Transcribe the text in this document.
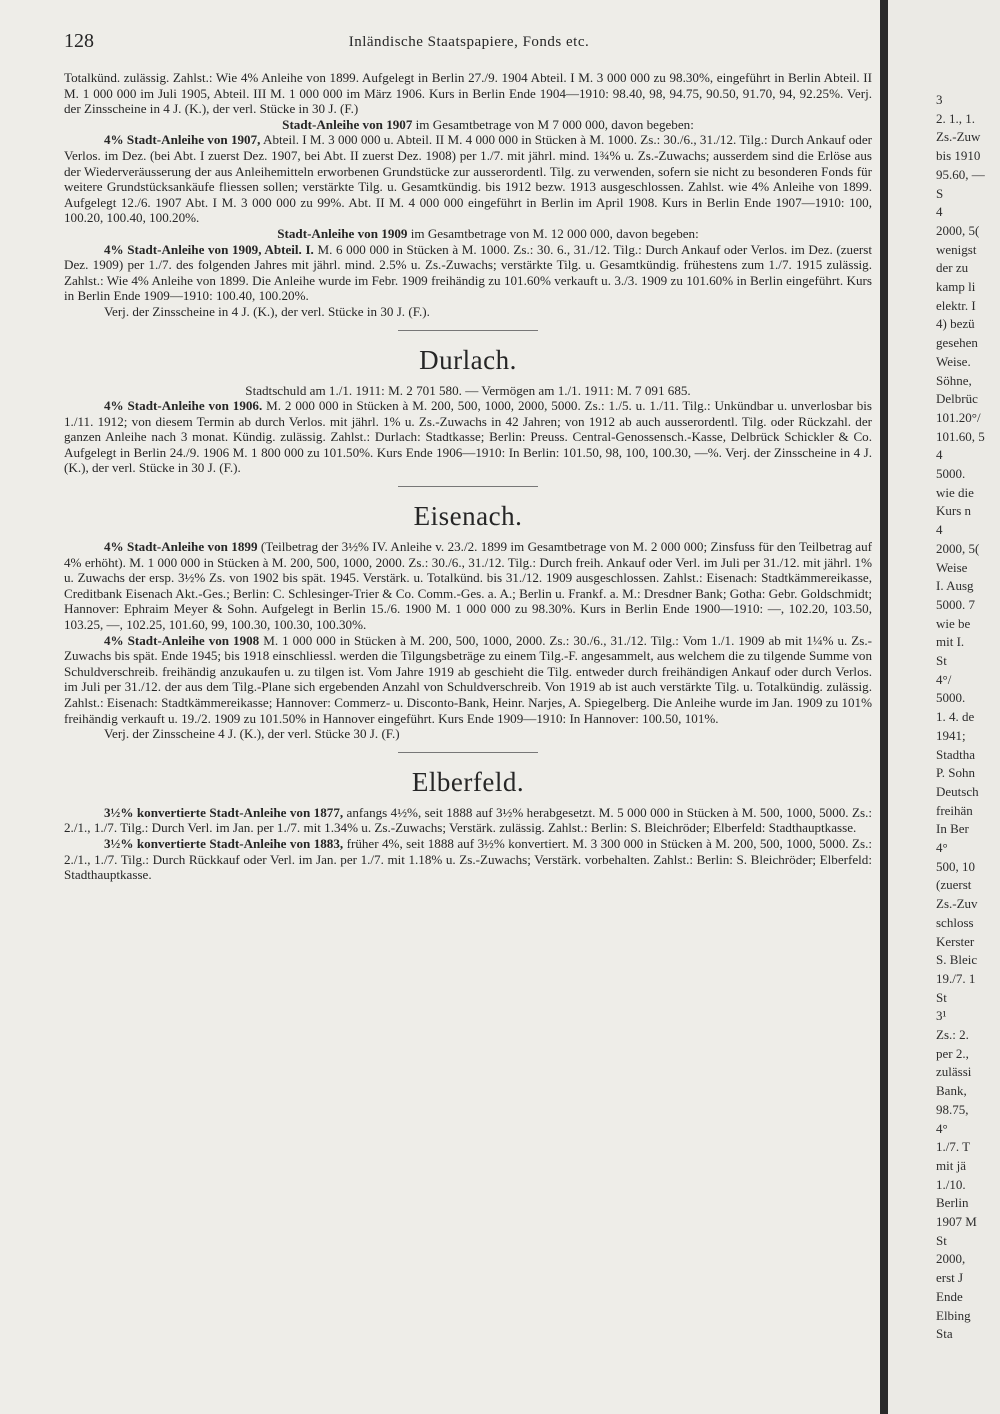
128	Inländische Staatspapiere, Fonds etc.

Totalkünd. zulässig. Zahlst.: Wie 4% Anleihe von 1899. Aufgelegt in Berlin 27./9. 1904 Abteil. I M. 3 000 000 zu 98.30%, eingeführt in Berlin Abteil. II M. 1 000 000 im Juli 1905, Abteil. III M. 1 000 000 im März 1906. Kurs in Berlin Ende 1904—1910: 98.40, 98, 94.75, 90.50, 91.70, 94, 92.25%. Verj. der Zinsscheine in 4 J. (K.), der verl. Stücke in 30 J. (F.)

Stadt-Anleihe von 1907 im Gesamtbetrage von M 7 000 000, davon begeben:

4% Stadt-Anleihe von 1907, Abteil. I M. 3 000 000 u. Abteil. II M. 4 000 000 in Stücken à M. 1000. Zs.: 30./6., 31./12. Tilg.: Durch Ankauf oder Verlos. im Dez. (bei Abt. I zuerst Dez. 1907, bei Abt. II zuerst Dez. 1908) per 1./7. mit jährl. mind. 1¾% u. Zs.-Zuwachs; ausserdem sind die Erlöse aus der Wiederveräusserung der aus Anleihemitteln erworbenen Grundstücke zur ausserordentl. Tilg. zu verwenden, sofern sie nicht zu besonderen Fonds für weitere Grundstücksankäufe fliessen sollen; verstärkte Tilg. u. Gesamtkündig. bis 1912 bezw. 1913 ausgeschlossen. Zahlst. wie 4% Anleihe von 1899. Aufgelegt 12./6. 1907 Abt. I M. 3 000 000 zu 99%. Abt. II M. 4 000 000 eingeführt in Berlin im April 1908. Kurs in Berlin Ende 1907—1910: 100, 100.20, 100.40, 100.20%.

Stadt-Anleihe von 1909 im Gesamtbetrage von M. 12 000 000, davon begeben:

4% Stadt-Anleihe von 1909, Abteil. I. M. 6 000 000 in Stücken à M. 1000. Zs.: 30. 6., 31./12. Tilg.: Durch Ankauf oder Verlos. im Dez. (zuerst Dez. 1909) per 1./7. des folgenden Jahres mit jährl. mind. 2.5% u. Zs.-Zuwachs; verstärkte Tilg. u. Gesamtkündig. frühestens zum 1./7. 1915 zulässig. Zahlst.: Wie 4% Anleihe von 1899. Die Anleihe wurde im Febr. 1909 freihändig zu 101.60% verkauft u. 3./3. 1909 zu 101.60% in Berlin eingeführt. Kurs in Berlin Ende 1909—1910: 100.40, 100.20%.

Verj. der Zinsscheine in 4 J. (K.), der verl. Stücke in 30 J. (F.).

Durlach.

Stadtschuld am 1./1. 1911: M. 2 701 580. — Vermögen am 1./1. 1911: M. 7 091 685.

4% Stadt-Anleihe von 1906. M. 2 000 000 in Stücken à M. 200, 500, 1000, 2000, 5000. Zs.: 1./5. u. 1./11. Tilg.: Unkündbar u. unverlosbar bis 1./11. 1912; von diesem Termin ab durch Verlos. mit jährl. 1% u. Zs.-Zuwachs in 42 Jahren; von 1912 ab auch ausserordentl. Tilg. oder Rückzahl. der ganzen Anleihe nach 3 monat. Kündig. zulässig. Zahlst.: Durlach: Stadtkasse; Berlin: Preuss. Central-Genossensch.-Kasse, Delbrück Schickler & Co. Aufgelegt in Berlin 24./9. 1906 M. 1 800 000 zu 101.50%. Kurs Ende 1906—1910: In Berlin: 101.50, 98, 100, 100.30, —%. Verj. der Zinsscheine in 4 J. (K.), der verl. Stücke in 30 J. (F.).

Eisenach.

4% Stadt-Anleihe von 1899 (Teilbetrag der 3½% IV. Anleihe v. 23./2. 1899 im Gesamtbetrage von M. 2 000 000; Zinsfuss für den Teilbetrag auf 4% erhöht). M. 1 000 000 in Stücken à M. 200, 500, 1000, 2000. Zs.: 30./6., 31./12. Tilg.: Durch freih. Ankauf oder Verl. im Juli per 31./12. mit jährl. 1% u. Zuwachs der ersp. 3½% Zs. von 1902 bis spät. 1945. Verstärk. u. Totalkünd. bis 31./12. 1909 ausgeschlossen. Zahlst.: Eisenach: Stadtkämmereikasse, Creditbank Eisenach Akt.-Ges.; Berlin: C. Schlesinger-Trier & Co. Comm.-Ges. a. A.; Berlin u. Frankf. a. M.: Dresdner Bank; Gotha: Gebr. Goldschmidt; Hannover: Ephraim Meyer & Sohn. Aufgelegt in Berlin 15./6. 1900 M. 1 000 000 zu 98.30%. Kurs in Berlin Ende 1900—1910: —, 102.20, 103.50, 103.25, —, 102.25, 101.60, 99, 100.30, 100.30, 100.30%.

4% Stadt-Anleihe von 1908 M. 1 000 000 in Stücken à M. 200, 500, 1000, 2000. Zs.: 30./6., 31./12. Tilg.: Vom 1./1. 1909 ab mit 1¼% u. Zs.-Zuwachs bis spät. Ende 1945; bis 1918 einschliessl. werden die Tilgungsbeträge zu einem Tilg.-F. angesammelt, aus welchem die zu tilgende Summe von Schuldverschreib. freihändig anzukaufen u. zu tilgen ist. Vom Jahre 1919 ab geschieht die Tilg. entweder durch freihändigen Ankauf oder durch Verlos. im Juli per 31./12. der aus dem Tilg.-Plane sich ergebenden Anzahl von Schuldverschreib. Von 1919 ab ist auch verstärkte Tilg. u. Totalkündig. zulässig. Zahlst.: Eisenach: Stadtkämmereikasse; Hannover: Commerz- u. Disconto-Bank, Heinr. Narjes, A. Spiegelberg. Die Anleihe wurde im Jan. 1909 zu 101% freihändig verkauft u. 19./2. 1909 zu 101.50% in Hannover eingeführt. Kurs Ende 1909—1910: In Hannover: 100.50, 101%.

Verj. der Zinsscheine 4 J. (K.), der verl. Stücke 30 J. (F.)

Elberfeld.

3½% konvertierte Stadt-Anleihe von 1877, anfangs 4½%, seit 1888 auf 3½% herabgesetzt. M. 5 000 000 in Stücken à M. 500, 1000, 5000. Zs.: 2./1., 1./7. Tilg.: Durch Verl. im Jan. per 1./7. mit 1.34% u. Zs.-Zuwachs; Verstärk. zulässig. Zahlst.: Berlin: S. Bleichröder; Elberfeld: Stadthauptkasse.

3½% konvertierte Stadt-Anleihe von 1883, früher 4%, seit 1888 auf 3½% konvertiert. M. 3 300 000 in Stücken à M. 200, 500, 1000, 5000. Zs.: 2./1., 1./7. Tilg.: Durch Rückkauf oder Verl. im Jan. per 1./7. mit 1.18% u. Zs.-Zuwachs; Verstärk. vorbehalten. Zahlst.: Berlin: S. Bleichröder; Elberfeld: Stadthauptkasse.

3
2. 1., 1.
Zs.-Zuw
bis 1910
95.60, —
S
4
2000, 5(
wenigst
der zu
kamp li
elektr. I
4) bezü
gesehen
Weise.
Söhne,
Delbrüc
101.20°/
101.60, 5
4
5000.
wie die
Kurs n
4
2000, 5(
Weise
I. Ausg
5000. 7
wie be
mit I.
St
4°/
5000.
1. 4. de
1941;
Stadtha
P. Sohn
Deutsch
freihän
In Ber
4°
500, 10
(zuerst
Zs.-Zuv
schloss
Kerster
S. Bleic
19./7. 1
St
3¹
Zs.: 2.
per 2.,
zulässi
Bank,
98.75,
4°
1./7. T
mit jä
1./10.
Berlin
1907 M
St
2000,
erst J
Ende
Elbing
Sta
